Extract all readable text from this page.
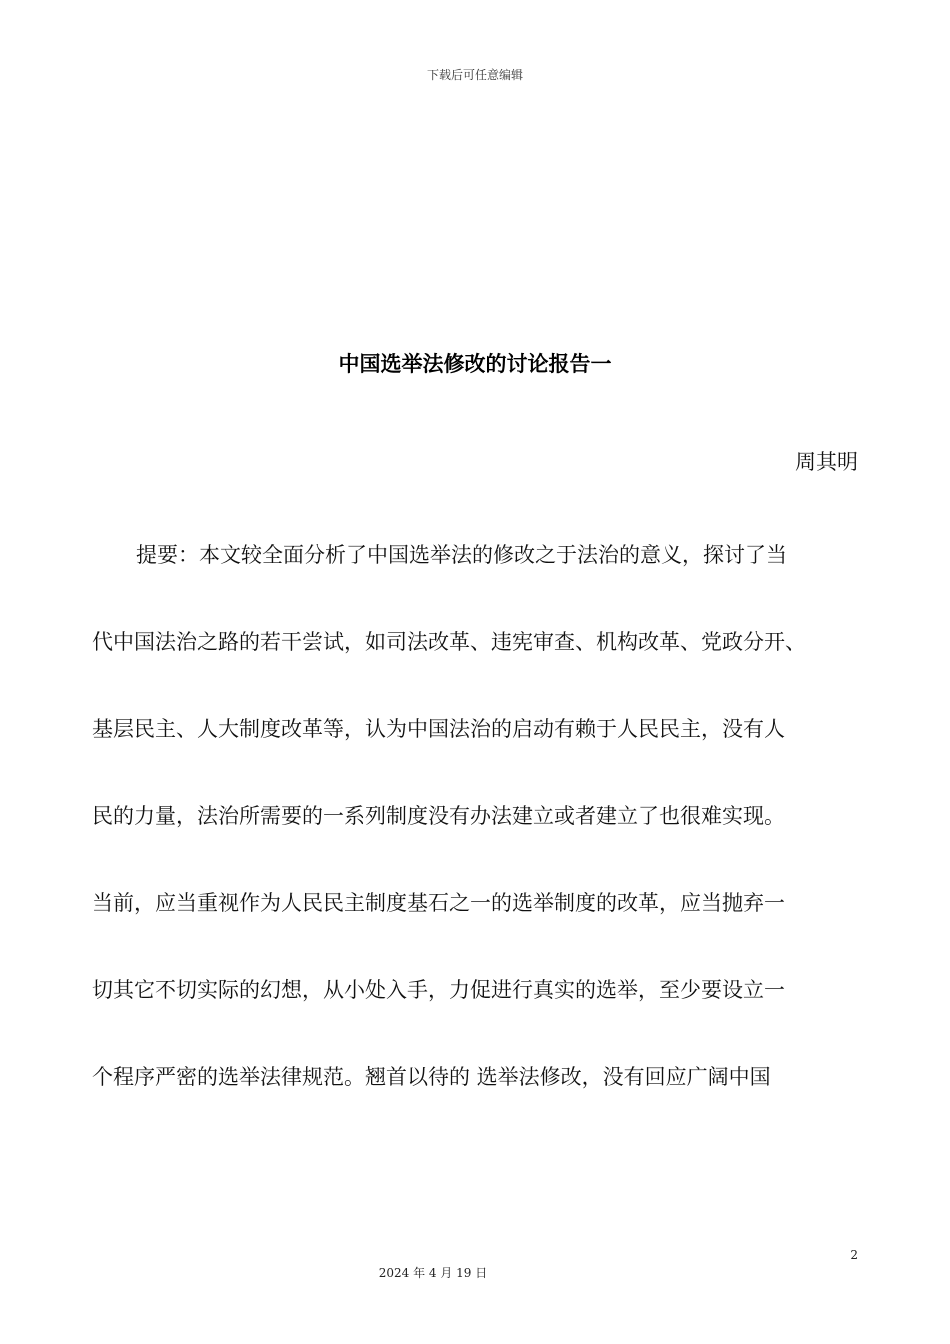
下载后可任意编辑
中国选举法修改的讨论报告一
周其明
提要：本文较全面分析了中国选举法的修改之于法治的意义，探讨了当
代中国法治之路的若干尝试，如司法改革、违宪审查、机构改革、党政分开、
基层民主、人大制度改革等，认为中国法治的启动有赖于人民民主，没有人
民的力量，法治所需要的一系列制度没有办法建立或者建立了也很难实现。
当前，应当重视作为人民民主制度基石之一的选举制度的改革，应当抛弃一
切其它不切实际的幻想，从小处入手，力促进行真实的选举，至少要设立一
个程序严密的选举法律规范。翘首以待的 选举法修改，没有回应广阔中国
2
2024 年 4 月 19 日
